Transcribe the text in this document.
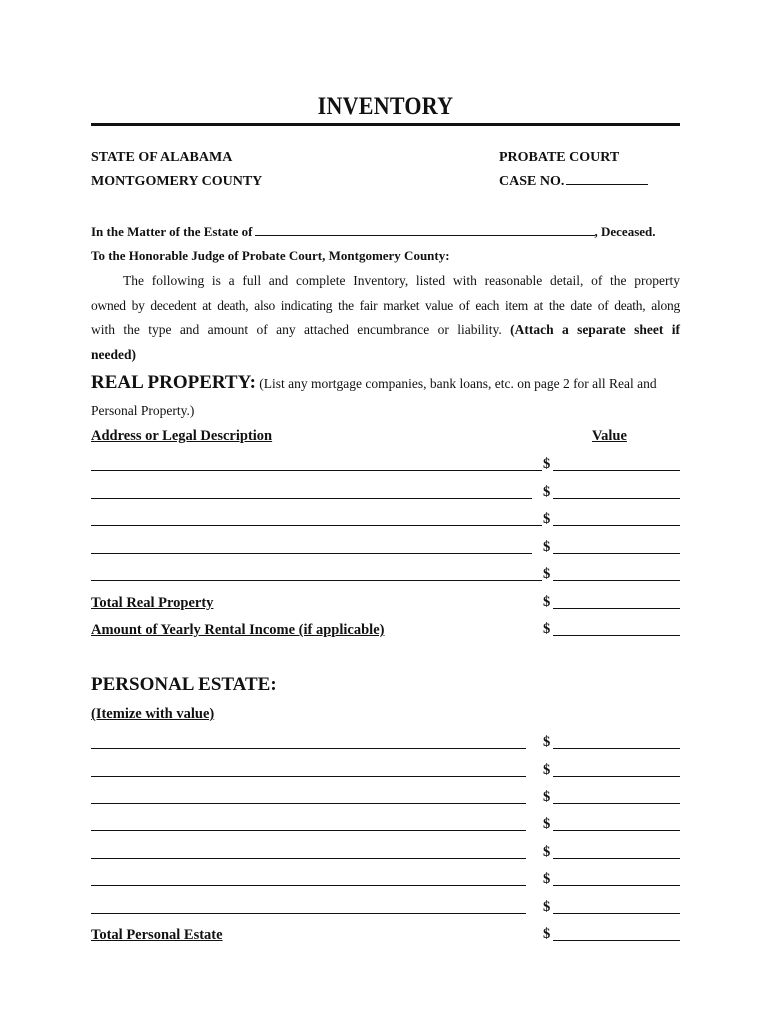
INVENTORY
STATE OF ALABAMA
MONTGOMERY COUNTY
PROBATE COURT
CASE NO.
In the Matter of the Estate of	, Deceased.
To the Honorable Judge of Probate Court, Montgomery County:
The following is a full and complete Inventory, listed with reasonable detail, of the property
owned by decedent at death, also indicating the fair market value of each item at the date of death, along
with the type and amount of any attached encumbrance or liability. (Attach a separate sheet if
needed)
REAL PROPERTY: (List any mortgage companies, bank loans, etc. on page 2 for all Real and
Personal Property.)
Address or Legal Description	Value
$
$
$
$
$
Total Real Property	$
Amount of Yearly Rental Income (if applicable)	$
PERSONAL ESTATE:
(Itemize with value)
$
$
$
$
$
$
$
Total Personal Estate	$
